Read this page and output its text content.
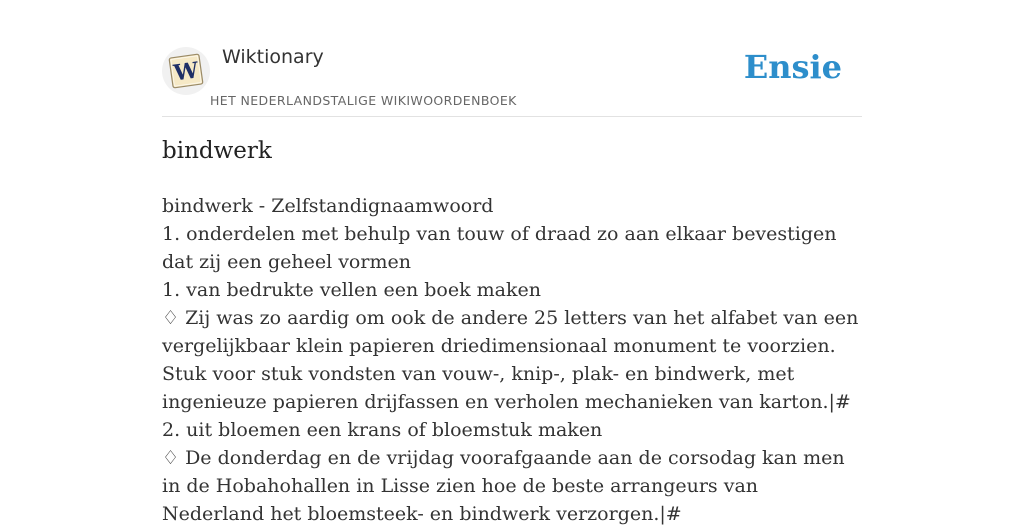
W
Wiktionary
HET NEDERLANDSTALIGE WIKIWOORDENBOEK
Ensie
bindwerk

bindwerk - Zelfstandignaamwoord

1. onderdelen met behulp van touw of draad zo aan elkaar bevestigen dat zij een geheel vormen

1. van bedrukte vellen een boek maken

♢ Zij was zo aardig om ook de andere 25 letters van het alfabet van een vergelijkbaar klein papieren driedimensionaal monument te voorzien. Stuk voor stuk vondsten van vouw-, knip-, plak- en bindwerk, met ingenieuze papieren drijfassen en verholen mechanieken van karton.|#

2. uit bloemen een krans of bloemstuk maken

♢ De donderdag en de vrijdag voorafgaande aan de corsodag kan men in de Hobahohallen in Lisse zien hoe de beste arrangeurs van Nederland het bloemsteek- en bindwerk verzorgen.|#
